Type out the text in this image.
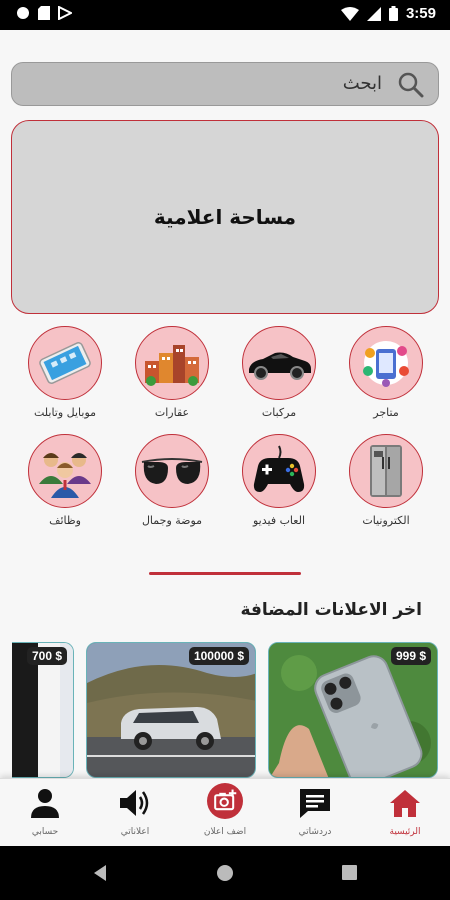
3:59
ابحث
مساحة اعلامية
متاجر
مركبات
عقارات
موبايل وتابلت
الكترونيات
العاب فيديو
موضة وجمال
وظائف
اخر الاعلانات المضافة
999 $
100000 $
700 $
الرئيسية
دردشاتي
اضف اعلان
اعلاناتي
حسابي
